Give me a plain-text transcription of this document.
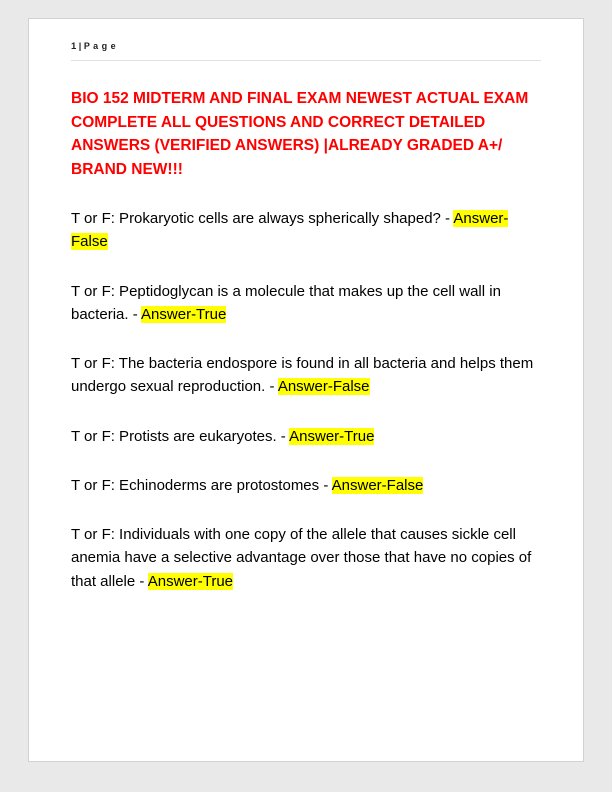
1 | P a g e
BIO 152 MIDTERM AND FINAL EXAM NEWEST ACTUAL EXAM COMPLETE ALL QUESTIONS AND CORRECT DETAILED ANSWERS (VERIFIED ANSWERS) |ALREADY GRADED A+/ BRAND NEW!!!
T or F: Prokaryotic cells are always spherically shaped? - Answer-False
T or F: Peptidoglycan is a molecule that makes up the cell wall in bacteria. - Answer-True
T or F: The bacteria endospore is found in all bacteria and helps them undergo sexual reproduction. - Answer-False
T or F: Protists are eukaryotes. - Answer-True
T or F: Echinoderms are protostomes - Answer-False
T or F: Individuals with one copy of the allele that causes sickle cell anemia have a selective advantage over those that have no copies of that allele - Answer-True
